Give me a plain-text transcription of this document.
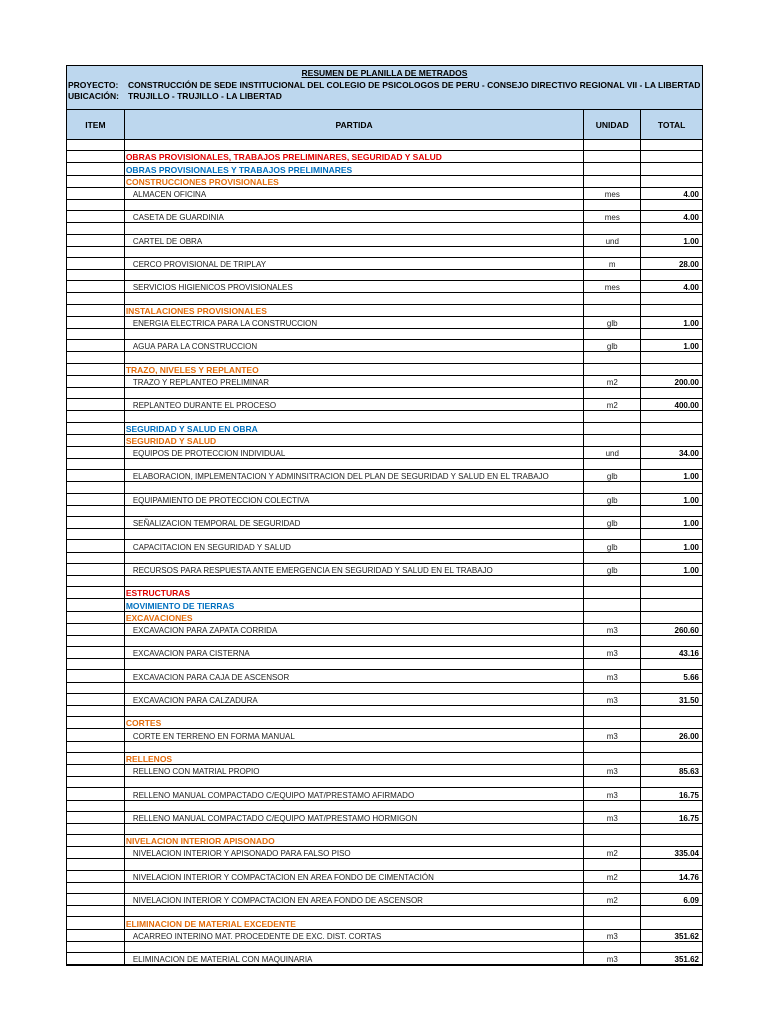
RESUMEN DE PLANILLA DE METRADOS
PROYECTO: CONSTRUCCIÓN DE SEDE INSTITUCIONAL DEL COLEGIO DE PSICOLOGOS DE PERU - CONSEJO DIRECTIVO REGIONAL VII - LA LIBERTAD
UBICACIÓN: TRUJILLO - TRUJILLO - LA LIBERTAD
ITEM	PARTIDA	UNIDAD	TOTAL
OBRAS PROVISIONALES, TRABAJOS PRELIMINARES, SEGURIDAD Y SALUD
OBRAS PROVISIONALES Y TRABAJOS PRELIMINARES
CONSTRUCCIONES PROVISIONALES
ALMACEN OFICINA	mes	4.00
CASETA DE GUARDINIA	mes	4.00
CARTEL DE OBRA	und	1.00
CERCO PROVISIONAL DE TRIPLAY	m	28.00
SERVICIOS HIGIENICOS PROVISIONALES	mes	4.00
INSTALACIONES PROVISIONALES
ENERGIA ELECTRICA PARA LA CONSTRUCCION	glb	1.00
AGUA PARA LA CONSTRUCCION	glb	1.00
TRAZO, NIVELES Y REPLANTEO
TRAZO Y REPLANTEO PRELIMINAR	m2	200.00
REPLANTEO DURANTE EL PROCESO	m2	400.00
SEGURIDAD Y SALUD EN OBRA
SEGURIDAD Y SALUD
EQUIPOS DE PROTECCION INDIVIDUAL	und	34.00
ELABORACION, IMPLEMENTACION Y ADMINSITRACION DEL PLAN DE SEGURIDAD Y SALUD EN EL TRABAJO	glb	1.00
EQUIPAMIENTO DE PROTECCION COLECTIVA	glb	1.00
SEÑALIZACION TEMPORAL DE SEGURIDAD	glb	1.00
CAPACITACION EN SEGURIDAD Y SALUD	glb	1.00
RECURSOS PARA RESPUESTA ANTE EMERGENCIA EN SEGURIDAD Y SALUD EN EL TRABAJO	glb	1.00
ESTRUCTURAS
MOVIMIENTO DE TIERRAS
EXCAVACIONES
EXCAVACION PARA ZAPATA CORRIDA	m3	260.60
EXCAVACION PARA CISTERNA	m3	43.16
EXCAVACION PARA CAJA DE ASCENSOR	m3	5.66
EXCAVACION PARA CALZADURA	m3	31.50
CORTES
CORTE EN TERRENO EN FORMA MANUAL	m3	26.00
RELLENOS
RELLENO CON MATRIAL PROPIO	m3	85.63
RELLENO MANUAL COMPACTADO C/EQUIPO MAT/PRESTAMO AFIRMADO	m3	16.75
RELLENO MANUAL COMPACTADO C/EQUIPO MAT/PRESTAMO HORMIGON	m3	16.75
NIVELACION INTERIOR APISONADO
NIVELACION INTERIOR Y APISONADO PARA FALSO PISO	m2	335.04
NIVELACION INTERIOR Y COMPACTACION EN AREA FONDO DE CIMENTACIÓN	m2	14.76
NIVELACION INTERIOR Y COMPACTACION EN AREA FONDO DE ASCENSOR	m2	6.09
ELIMINACION DE MATERIAL EXCEDENTE
ACARREO INTERINO MAT. PROCEDENTE DE EXC. DIST. CORTAS	m3	351.62
ELIMINACION DE MATERIAL CON MAQUINARIA	m3	351.62
